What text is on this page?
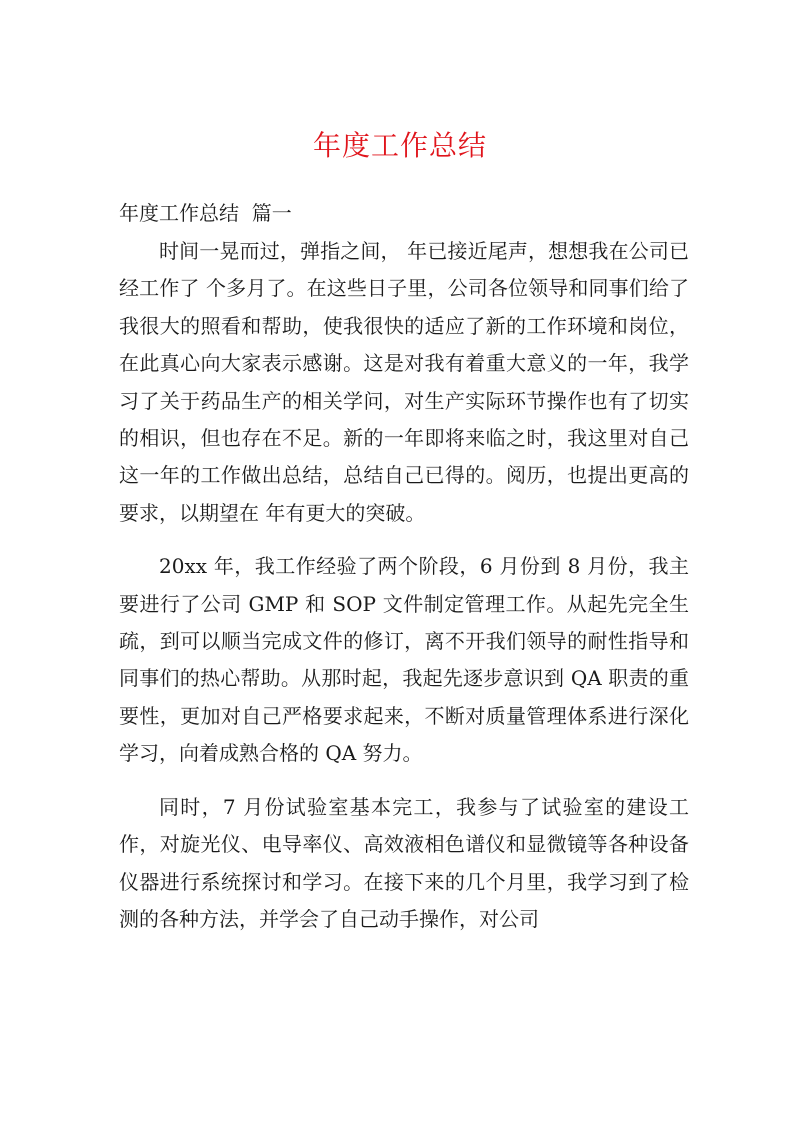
年度工作总结
年度工作总结  篇一

时间一晃而过，弹指之间， 年已接近尾声，想想我在公司已经工作了 个多月了。在这些日子里，公司各位领导和同事们给了我很大的照看和帮助，使我很快的适应了新的工作环境和岗位，在此真心向大家表示感谢。这是对我有着重大意义的一年，我学习了关于药品生产的相关学问，对生产实际环节操作也有了切实的相识，但也存在不足。新的一年即将来临之时，我这里对自己这一年的工作做出总结，总结自己已得的。阅历，也提出更高的要求，以期望在 年有更大的突破。

20xx 年，我工作经验了两个阶段，6 月份到 8 月份，我主要进行了公司 GMP 和 SOP 文件制定管理工作。从起先完全生疏，到可以顺当完成文件的修订，离不开我们领导的耐性指导和同事们的热心帮助。从那时起，我起先逐步意识到 QA 职责的重要性，更加对自己严格要求起来，不断对质量管理体系进行深化学习，向着成熟合格的 QA 努力。

同时，7 月份试验室基本完工，我参与了试验室的建设工作，对旋光仪、电导率仪、高效液相色谱仪和显微镜等各种设备仪器进行系统探讨和学习。在接下来的几个月里，我学习到了检测的各种方法，并学会了自己动手操作，对公司
